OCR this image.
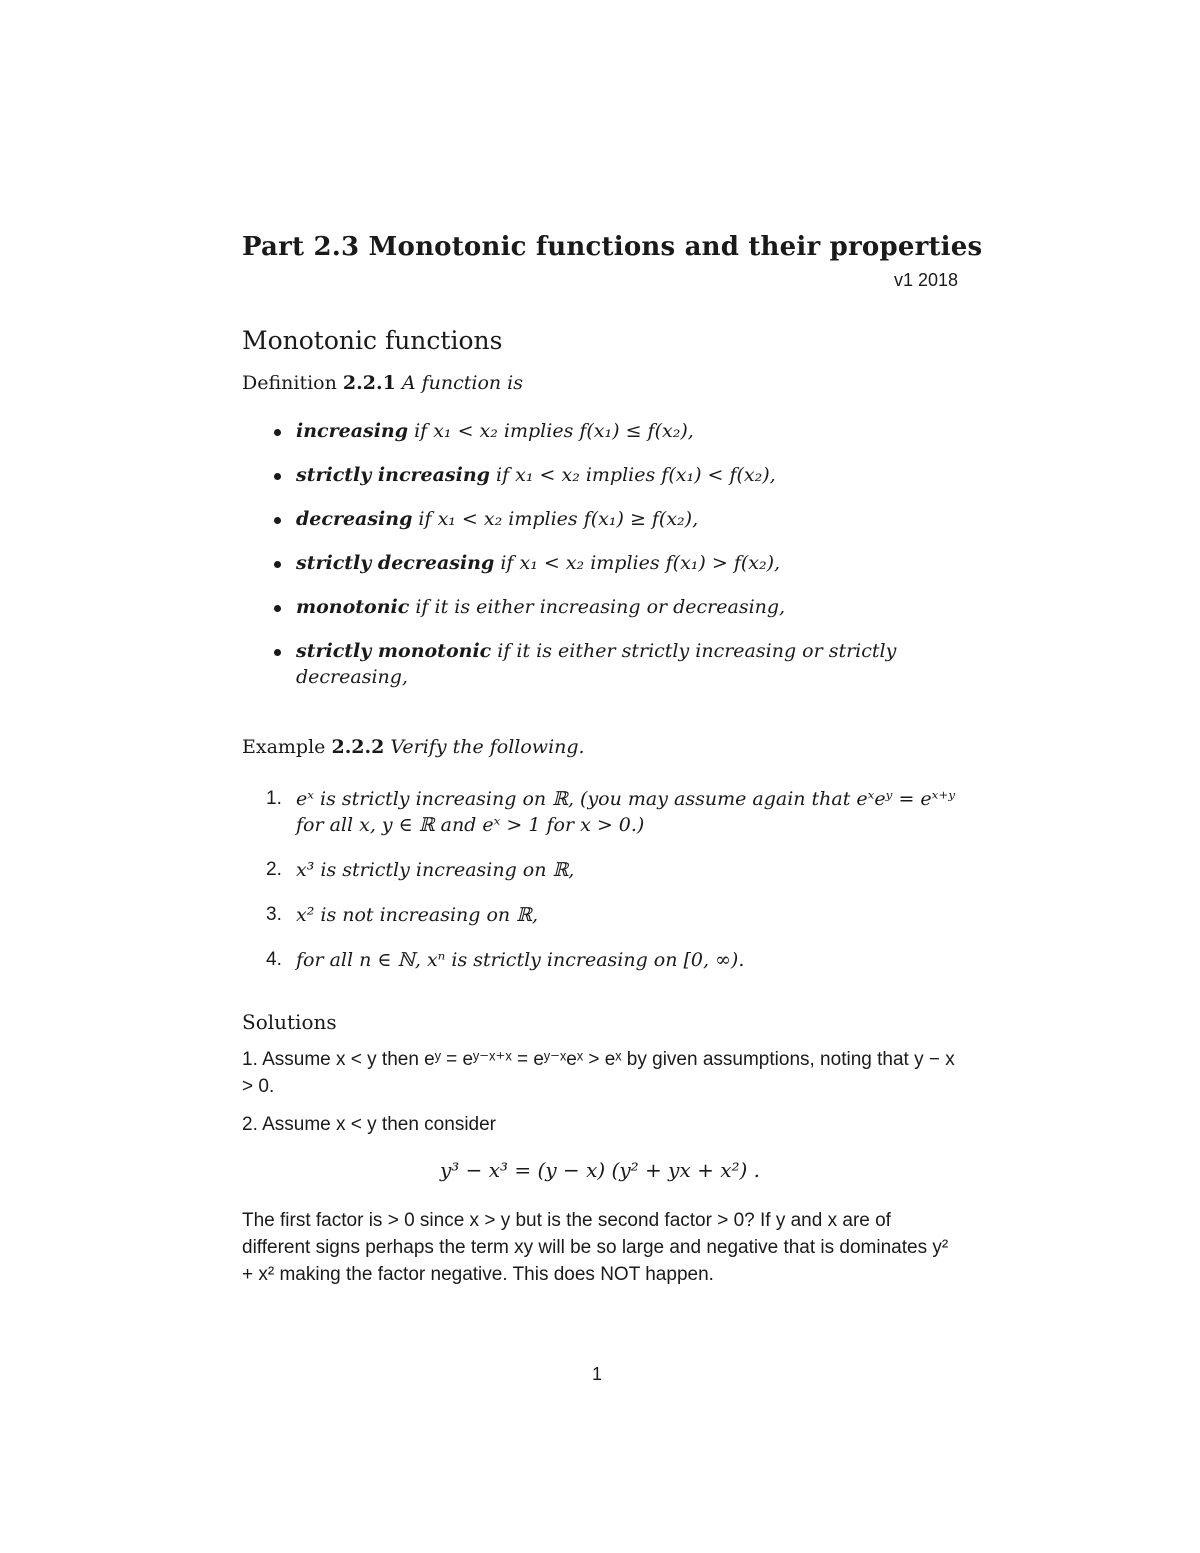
Part 2.3 Monotonic functions and their properties
v1 2018
Monotonic functions
Definition 2.2.1 A function is
increasing if x₁ < x₂ implies f(x₁) ≤ f(x₂),
strictly increasing if x₁ < x₂ implies f(x₁) < f(x₂),
decreasing if x₁ < x₂ implies f(x₁) ≥ f(x₂),
strictly decreasing if x₁ < x₂ implies f(x₁) > f(x₂),
monotonic if it is either increasing or decreasing,
strictly monotonic if it is either strictly increasing or strictly decreasing,
Example 2.2.2 Verify the following.
1. eˣ is strictly increasing on ℝ, (you may assume again that eˣeʸ = eˣ⁺ʸ for all x, y ∈ ℝ and eˣ > 1 for x > 0.)
2. x³ is strictly increasing on ℝ,
3. x² is not increasing on ℝ,
4. for all n ∈ ℕ, xⁿ is strictly increasing on [0, ∞).
Solutions
1. Assume x < y then eʸ = eʸ⁻ˣ⁺ˣ = eʸ⁻ˣeˣ > eˣ by given assumptions, noting that y − x > 0.
2. Assume x < y then consider
y³ − x³ = (y − x) (y² + yx + x²) .
The first factor is > 0 since x > y but is the second factor > 0? If y and x are of different signs perhaps the term xy will be so large and negative that is dominates y² + x² making the factor negative. This does NOT happen.
1
